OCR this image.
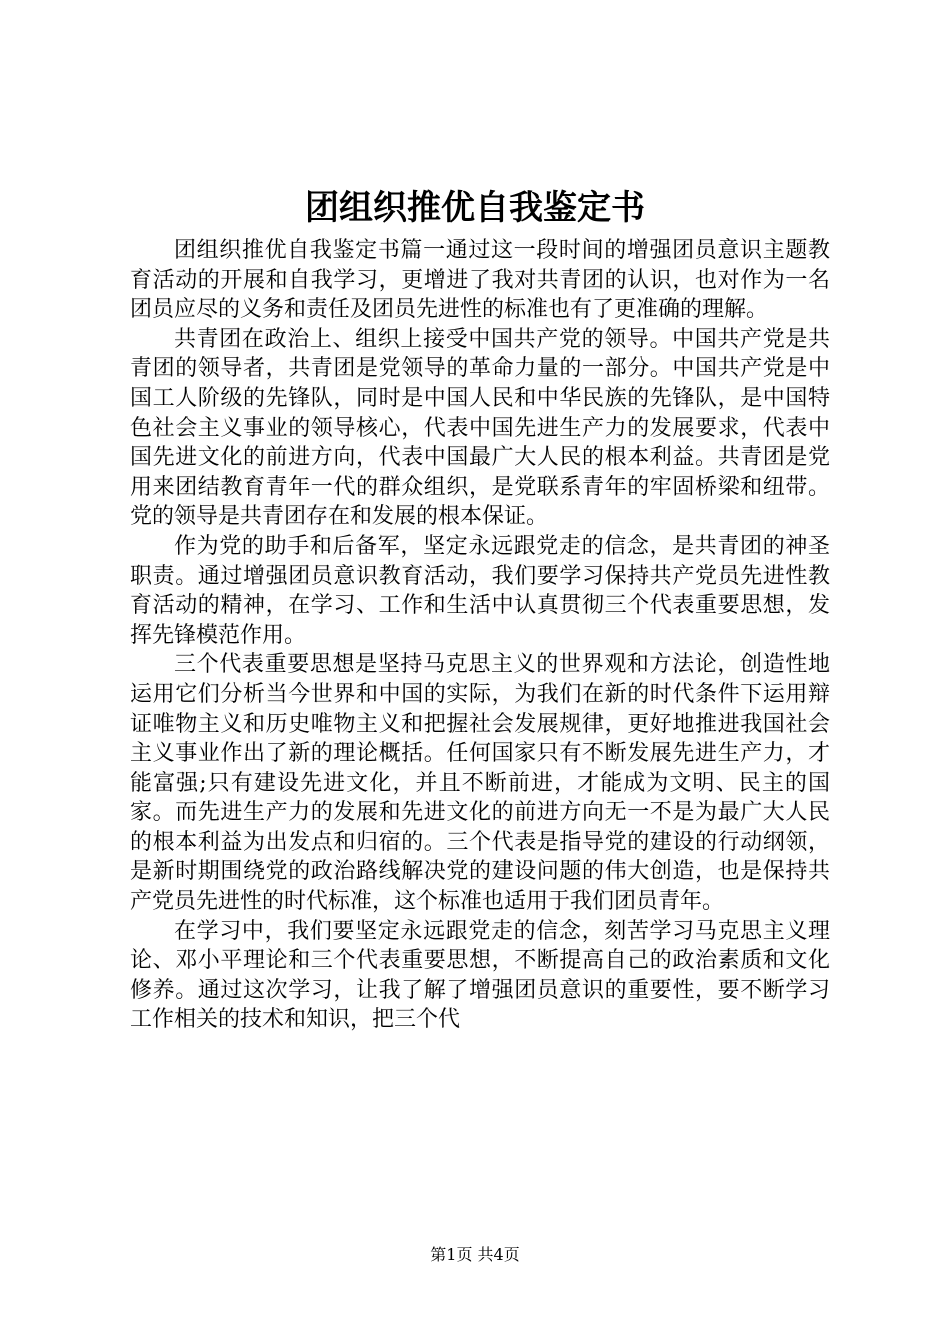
团组织推优自我鉴定书

团组织推优自我鉴定书篇一通过这一段时间的增强团员意识主题教育活动的开展和自我学习，更增进了我对共青团的认识，也对作为一名团员应尽的义务和责任及团员先进性的标准也有了更准确的理解。

共青团在政治上、组织上接受中国共产党的领导。中国共产党是共青团的领导者，共青团是党领导的革命力量的一部分。中国共产党是中国工人阶级的先锋队，同时是中国人民和中华民族的先锋队，是中国特色社会主义事业的领导核心，代表中国先进生产力的发展要求，代表中国先进文化的前进方向，代表中国最广大人民的根本利益。共青团是党用来团结教育青年一代的群众组织，是党联系青年的牢固桥梁和纽带。党的领导是共青团存在和发展的根本保证。

作为党的助手和后备军，坚定永远跟党走的信念，是共青团的神圣职责。通过增强团员意识教育活动，我们要学习保持共产党员先进性教育活动的精神，在学习、工作和生活中认真贯彻三个代表重要思想，发挥先锋模范作用。

三个代表重要思想是坚持马克思主义的世界观和方法论，创造性地运用它们分析当今世界和中国的实际，为我们在新的时代条件下运用辩证唯物主义和历史唯物主义和把握社会发展规律，更好地推进我国社会主义事业作出了新的理论概括。任何国家只有不断发展先进生产力，才能富强;只有建设先进文化，并且不断前进，才能成为文明、民主的国家。而先进生产力的发展和先进文化的前进方向无一不是为最广大人民的根本利益为出发点和归宿的。三个代表是指导党的建设的行动纲领，是新时期围绕党的政治路线解决党的建设问题的伟大创造，也是保持共产党员先进性的时代标准，这个标准也适用于我们团员青年。

在学习中，我们要坚定永远跟党走的信念，刻苦学习马克思主义理论、邓小平理论和三个代表重要思想，不断提高自己的政治素质和文化修养。通过这次学习，让我了解了增强团员意识的重要性，要不断学习工作相关的技术和知识，把三个代

第1页 共4页
